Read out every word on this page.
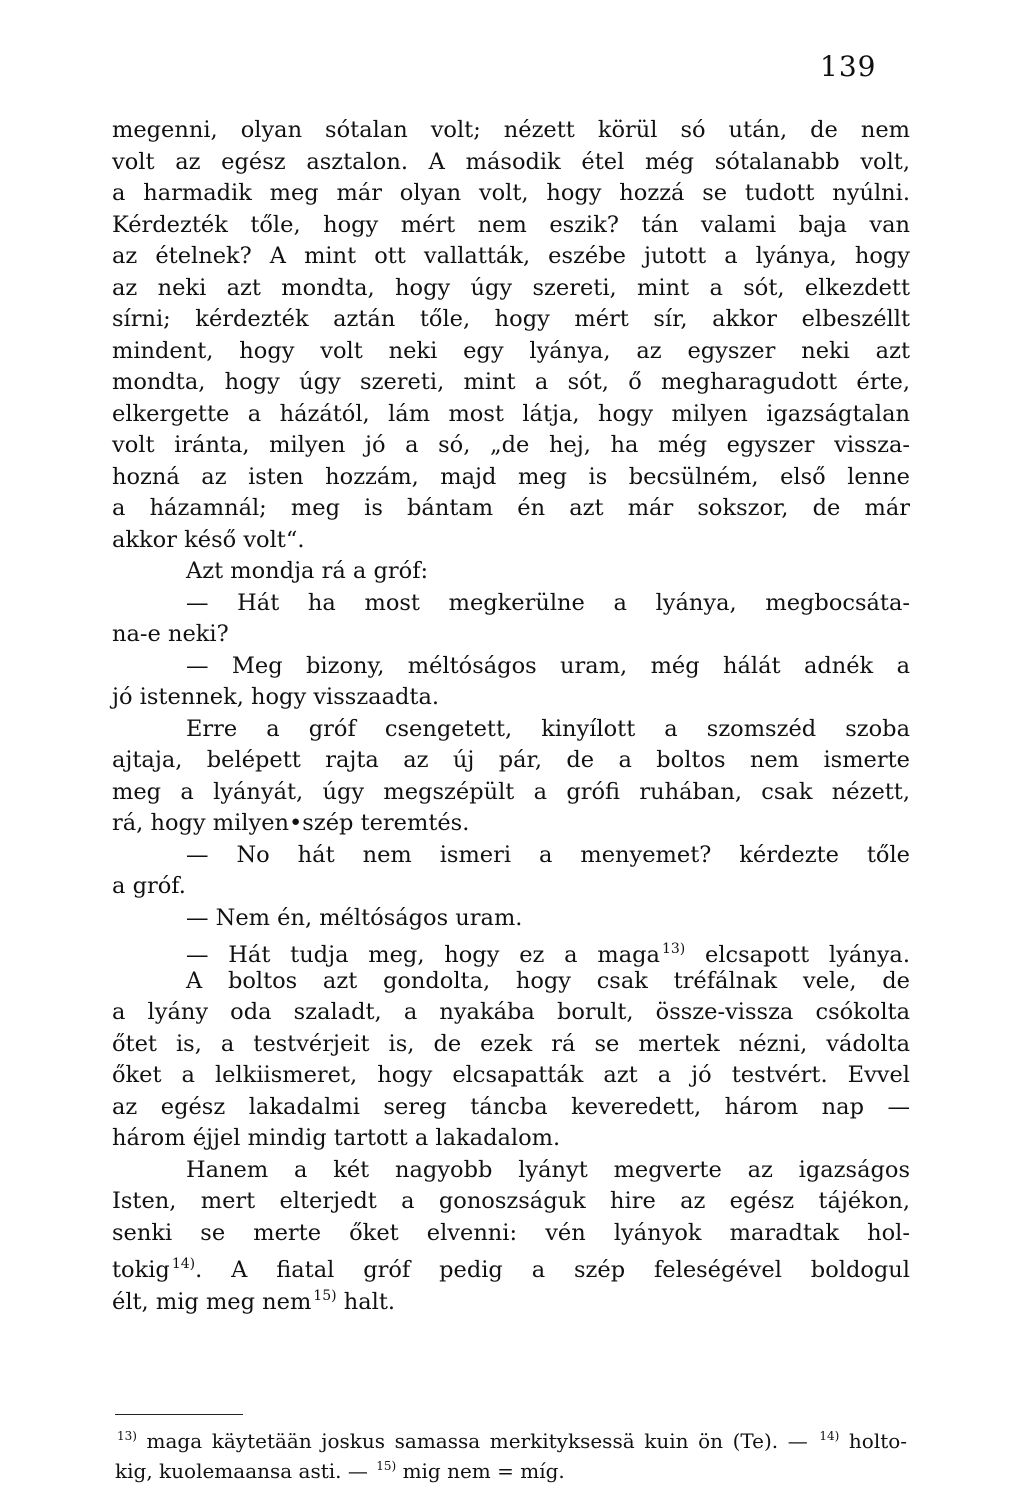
139
megenni, olyan sótalan volt; nézett körül só után, de nem
volt az egész asztalon. A második étel még sótalanabb volt,
a harmadik meg már olyan volt, hogy hozzá se tudott nyúlni.
Kérdezték tőle, hogy mért nem eszik? tán valami baja van
az ételnek? A mint ott vallatták, eszébe jutott a lyánya, hogy
az neki azt mondta, hogy úgy szereti, mint a sót, elkezdett
sírni; kérdezték aztán tőle, hogy mért sír, akkor elbeszéllt
mindent, hogy volt neki egy lyánya, az egyszer neki azt
mondta, hogy úgy szereti, mint a sót, ő megharagudott érte,
elkergette a házától, lám most látja, hogy milyen igazságtalan
volt iránta, milyen jó a só, „de hej, ha még egyszer vissza-
hozná az isten hozzám, majd meg is becsülném, első lenne
a házamnál; meg is bántam én azt már sokszor, de már
akkor késő volt“.
Azt mondja rá a gróf:
— Hát ha most megkerülne a lyánya, megbocsáta-
na-e neki?
— Meg bizony, méltóságos uram, még hálát adnék a
jó istennek, hogy visszaadta.
Erre a gróf csengetett, kinyílott a szomszéd szoba
ajtaja, belépett rajta az új pár, de a boltos nem ismerte
meg a lyányát, úgy megszépült a grófi ruhában, csak nézett,
rá, hogy milyen•szép teremtés.
— No hát nem ismeri a menyemet? kérdezte tőle
a gróf.
— Nem én, méltóságos uram.
— Hát tudja meg, hogy ez a maga $^{13)}$ elcsapott lyánya.
A boltos azt gondolta, hogy csak tréfálnak vele, de
a lyány oda szaladt, a nyakába borult, össze-vissza csókolta
őtet is, a testvérjeit is, de ezek rá se mertek nézni, vádolta
őket a lelkiismeret, hogy elcsapatták azt a jó testvért. Evvel
az egész lakadalmi sereg táncba keveredett, három nap —
három éjjel mindig tartott a lakadalom.
Hanem a két nagyobb lyányt megverte az igazságos
Isten, mert elterjedt a gonoszságuk hire az egész tájékon,
senki se merte őket elvenni: vén lyányok maradtak hol-
tokig $^{14)}$. A fiatal gróf pedig a szép feleségével boldogul
élt, mig meg nem $^{15)}$ halt.
$^{13)}$ maga käytetään joskus samassa merkityksessä kuin ön (Te). — $^{14)}$ holto-
kig, kuolemaansa asti. — $^{15)}$ mig nem = míg.
